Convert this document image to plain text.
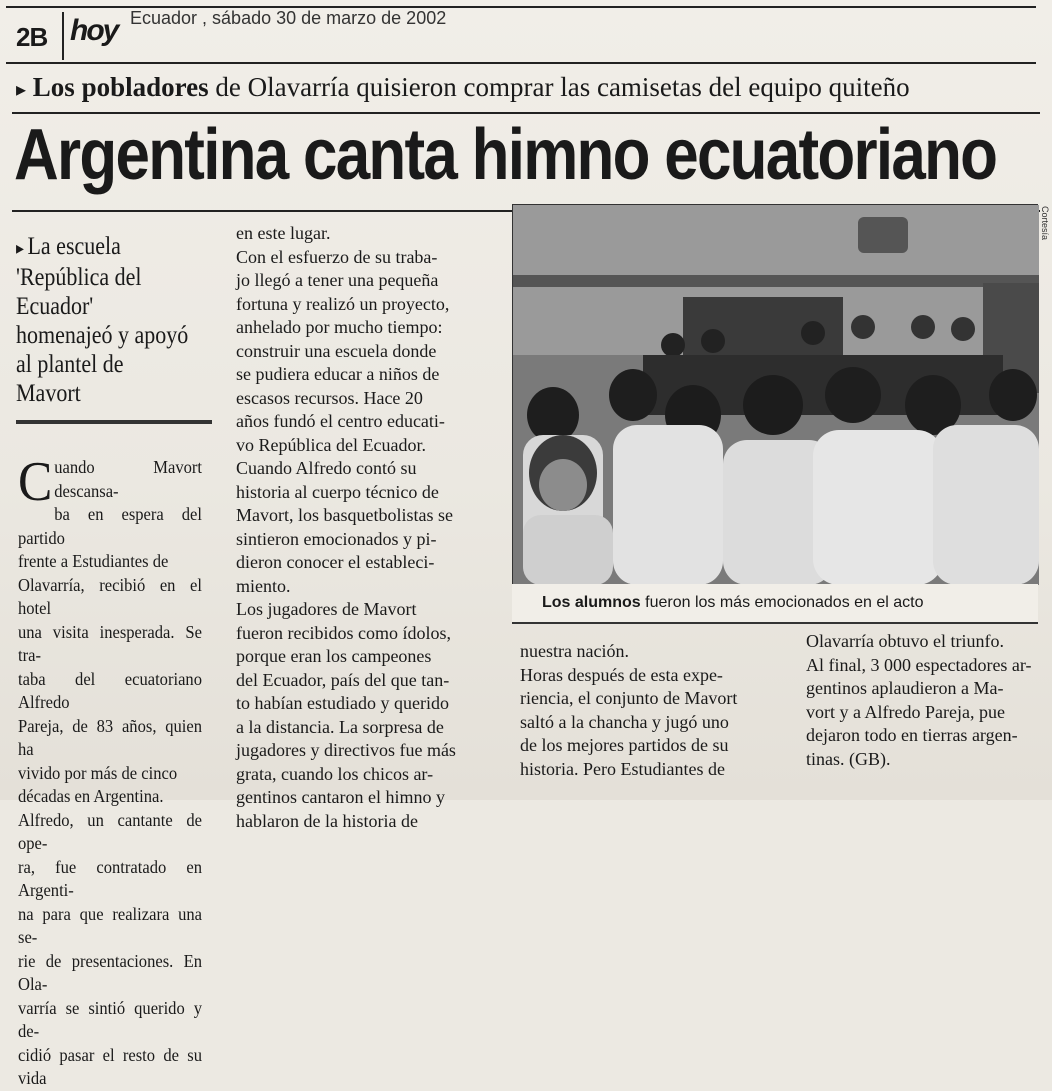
2B hoy Ecuador , sábado 30 de marzo de 2002
▸ Los pobladores de Olavarría quisieron comprar las camisetas del equipo quiteño
Argentina canta himno ecuatoriano
▸ La escuela 'República del Ecuador' homenajeó y apoyó al plantel de Mavort
Cuando Mavort descansa-
ba en espera del partido
frente a Estudiantes de
Olavarría, recibió en el hotel
una visita inesperada. Se tra-
taba del ecuatoriano Alfredo
Pareja, de 83 años, quien ha
vivido por más de cinco
décadas en Argentina.
Alfredo, un cantante de ope-
ra, fue contratado en Argenti-
na para que realizara una se-
rie de presentaciones. En Ola-
varría se sintió querido y de-
cidió pasar el resto de su vida
en este lugar.
Con el esfuerzo de su traba-
jo llegó a tener una pequeña
fortuna y realizó un proyecto,
anhelado por mucho tiempo:
construir una escuela donde
se pudiera educar a niños de
escasos recursos. Hace 20
años fundó el centro educati-
vo República del Ecuador.
Cuando Alfredo contó su
historia al cuerpo técnico de
Mavort, los basquetbolistas se
sintieron emocionados y pi-
dieron conocer el estableci-
miento.
Los jugadores de Mavort
fueron recibidos como ídolos,
porque eran los campeones
del Ecuador, país del que tan-
to habían estudiado y querido
a la distancia. La sorpresa de
jugadores y directivos fue más
grata, cuando los chicos ar-
gentinos cantaron el himno y
hablaron de la historia de
Cortesía
Los alumnos fueron los más emocionados en el acto
nuestra nación.
Horas después de esta expe-
riencia, el conjunto de Mavort
saltó a la chancha y jugó uno
de los mejores partidos de su
historia. Pero Estudiantes de
Olavarría obtuvo el triunfo.
Al final, 3 000 espectadores ar-
gentinos aplaudieron a Ma-
vort y a Alfredo Pareja, pue
dejaron todo en tierras argen-
tinas. (GB).
